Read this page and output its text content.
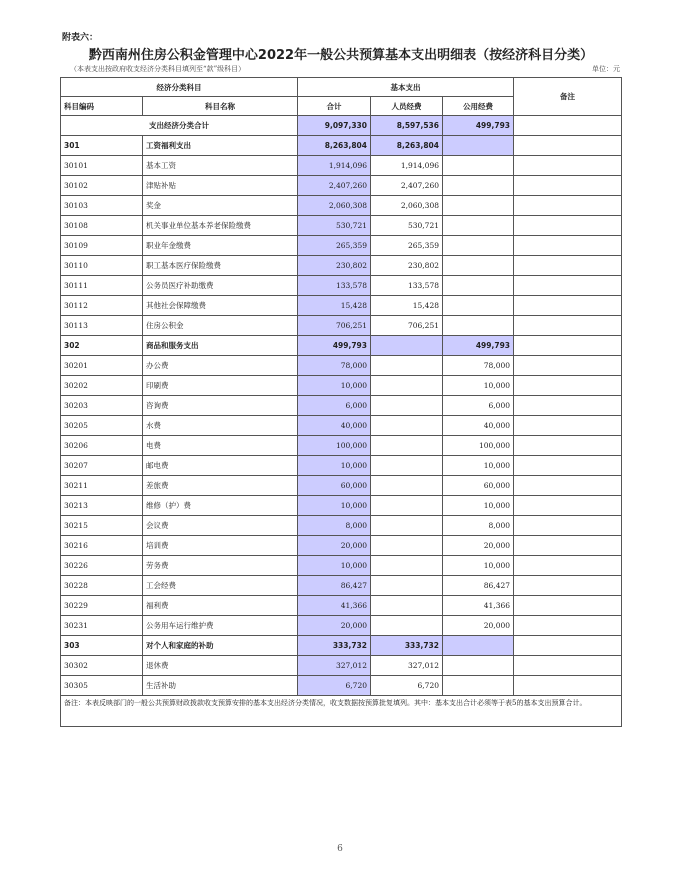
附表六：
黔西南州住房公积金管理中心2022年一般公共预算基本支出明细表（按经济科目分类）
（本表支出按政府收支经济分类科目填列至“款”级科目）	单位：元
经济分类科目		基本支出			备注
科目编码	科目名称	合计	人员经费	公用经费	
支出经济分类合计		9,097,330	8,597,536	499,793	
301	工资福利支出	8,263,804	8,263,804		
30101	基本工资	1,914,096	1,914,096		
30102	津贴补贴	2,407,260	2,407,260		
30103	奖金	2,060,308	2,060,308		
30108	机关事业单位基本养老保险缴费	530,721	530,721		
30109	职业年金缴费	265,359	265,359		
30110	职工基本医疗保险缴费	230,802	230,802		
30111	公务员医疗补助缴费	133,578	133,578		
30112	其他社会保障缴费	15,428	15,428		
30113	住房公积金	706,251	706,251		
302	商品和服务支出	499,793		499,793	
30201	办公费	78,000		78,000	
30202	印刷费	10,000		10,000	
30203	咨询费	6,000		6,000	
30205	水费	40,000		40,000	
30206	电费	100,000		100,000	
30207	邮电费	10,000		10,000	
30211	差旅费	60,000		60,000	
30213	维修（护）费	10,000		10,000	
30215	会议费	8,000		8,000	
30216	培训费	20,000		20,000	
30226	劳务费	10,000		10,000	
30228	工会经费	86,427		86,427	
30229	福利费	41,366		41,366	
30231	公务用车运行维护费	20,000		20,000	
303	对个人和家庭的补助	333,732	333,732		
30302	退休费	327,012	327,012		
30305	生活补助	6,720	6,720		
备注：本表反映部门的一般公共预算财政拨款收支预算安排的基本支出经济分类情况，收支数据按预算批复填列。其中：基本支出合计必须等于表5的基本支出预算合计。					
6
